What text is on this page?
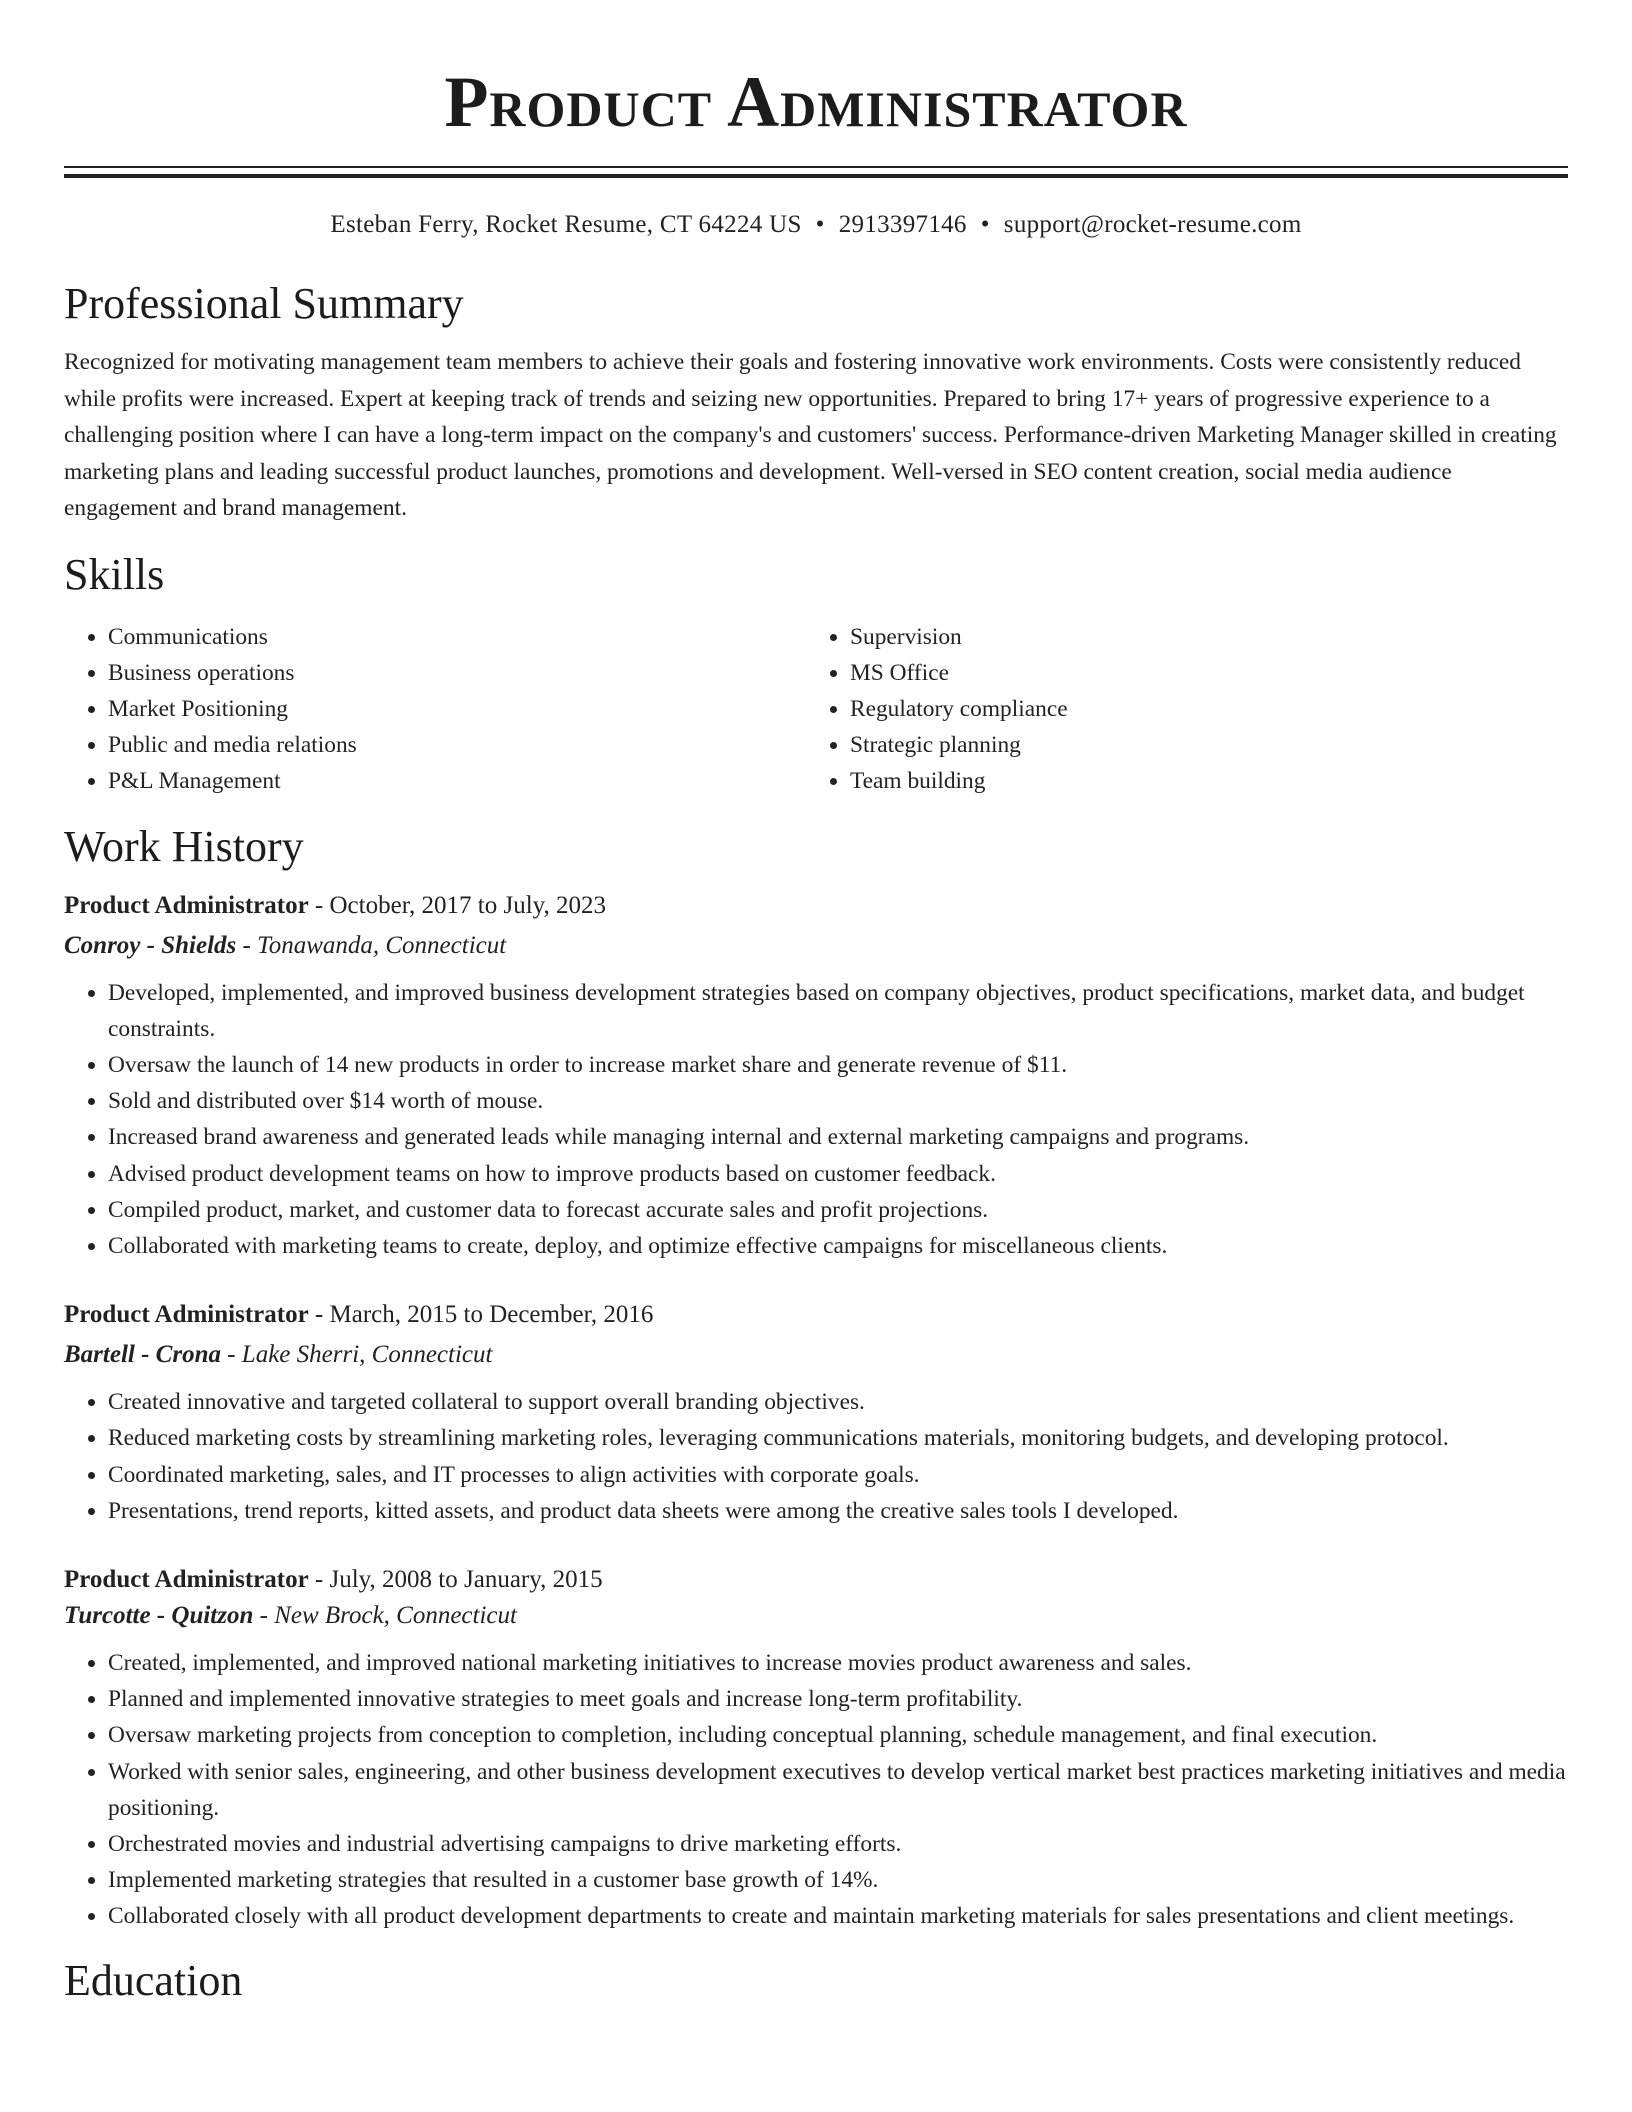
Product Administrator
Esteban Ferry, Rocket Resume, CT 64224 US • 2913397146 • support@rocket-resume.com
Professional Summary

Recognized for motivating management team members to achieve their goals and fostering innovative work environments. Costs were consistently reduced while profits were increased. Expert at keeping track of trends and seizing new opportunities. Prepared to bring 17+ years of progressive experience to a challenging position where I can have a long-term impact on the company's and customers' success. Performance-driven Marketing Manager skilled in creating marketing plans and leading successful product launches, promotions and development. Well-versed in SEO content creation, social media audience engagement and brand management.

Skills
• Communications
• Business operations
• Market Positioning
• Public and media relations
• P&L Management
• Supervision
• MS Office
• Regulatory compliance
• Strategic planning
• Team building
Work History
Product Administrator - October, 2017 to July, 2023
Conroy - Shields - Tonawanda, Connecticut
• Developed, implemented, and improved business development strategies based on company objectives, product specifications, market data, and budget constraints.
• Oversaw the launch of 14 new products in order to increase market share and generate revenue of $11.
• Sold and distributed over $14 worth of mouse.
• Increased brand awareness and generated leads while managing internal and external marketing campaigns and programs.
• Advised product development teams on how to improve products based on customer feedback.
• Compiled product, market, and customer data to forecast accurate sales and profit projections.
• Collaborated with marketing teams to create, deploy, and optimize effective campaigns for miscellaneous clients.
Product Administrator - March, 2015 to December, 2016
Bartell - Crona - Lake Sherri, Connecticut
• Created innovative and targeted collateral to support overall branding objectives.
• Reduced marketing costs by streamlining marketing roles, leveraging communications materials, monitoring budgets, and developing protocol.
• Coordinated marketing, sales, and IT processes to align activities with corporate goals.
• Presentations, trend reports, kitted assets, and product data sheets were among the creative sales tools I developed.
Product Administrator - July, 2008 to January, 2015
Turcotte - Quitzon - New Brock, Connecticut
• Created, implemented, and improved national marketing initiatives to increase movies product awareness and sales.
• Planned and implemented innovative strategies to meet goals and increase long-term profitability.
• Oversaw marketing projects from conception to completion, including conceptual planning, schedule management, and final execution.
• Worked with senior sales, engineering, and other business development executives to develop vertical market best practices marketing initiatives and media positioning.
• Orchestrated movies and industrial advertising campaigns to drive marketing efforts.
• Implemented marketing strategies that resulted in a customer base growth of 14%.
• Collaborated closely with all product development departments to create and maintain marketing materials for sales presentations and client meetings.
Education
